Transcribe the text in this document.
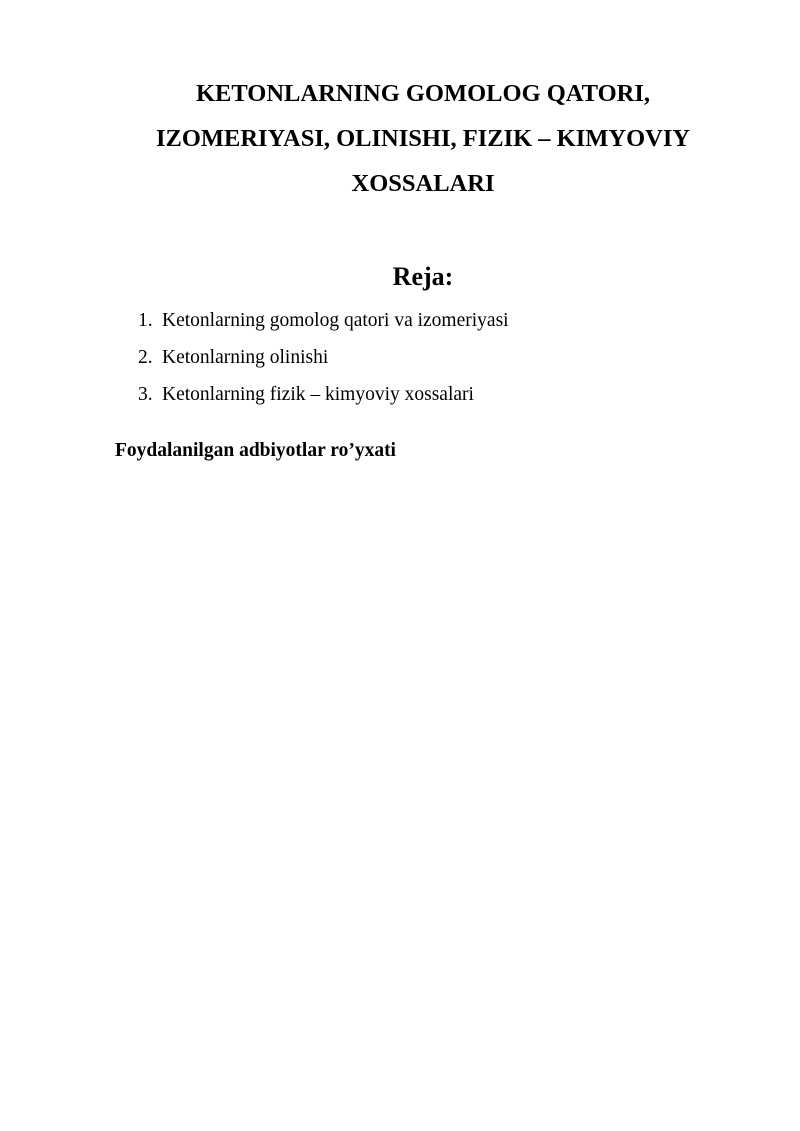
KETONLARNING GOMOLOG QATORI,
IZOMERIYASI, OLINISHI, FIZIK – KIMYOVIY
XOSSALARI
Reja:
1. Ketonlarning gomolog qatori va izomeriyasi
2. Ketonlarning olinishi
3. Ketonlarning fizik – kimyoviy xossalari

Foydalanilgan adbiyotlar ro’yxati
